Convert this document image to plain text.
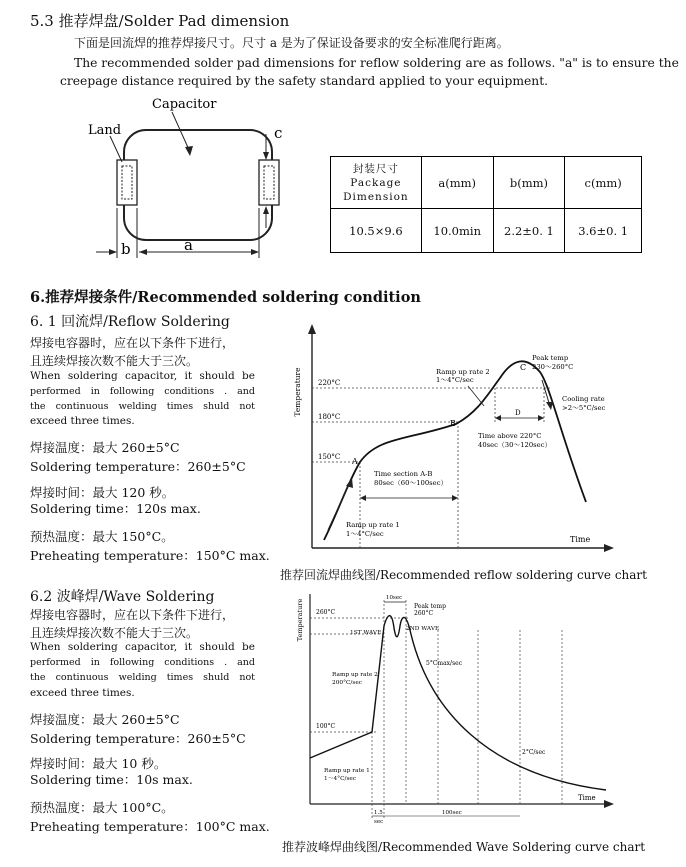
5.3 推荐焊盘/Solder Pad dimension
下面是回流焊的推荐焊接尺寸。尺寸 a 是为了保证设备要求的安全标准爬行距离。
The recommended solder pad dimensions for reflow soldering are as follows. "a" is to ensure the
creepage distance required by the safety standard applied to your equipment.
Capacitor
Land	c
b	a
封装尺寸
Package
Dimension	a(mm)	b(mm)	c(mm)
10.5×9.6	10.0min	2.2±0. 1	3.6±0. 1
6.推荐焊接条件/Recommended soldering condition
6. 1 回流焊/Reflow Soldering
焊接电容器时，应在以下条件下进行，
且连续焊接次数不能大于三次。
When soldering capacitor, it should be
performed in following conditions . and
the continuous welding times shuld not
exceed three times.
焊接温度：最大 260±5°C
Soldering temperature：260±5°C
焊接时间：最大 120 秒。
Soldering time：120s max.
预热温度：最大 150°C。
Preheating temperature：150°C max.
Temperature
Time
220°C
180°C
150°C A
B
C
D
Ramp up rate 2
1～4°C/sec
Peak temp
230～260°C
Cooling rate
>2～5°C/sec
Time above 220°C
40sec（30～120sec）
Time section A-B
80sec（60～100sec）
Ramp up rate 1
1～4°C/sec
推荐回流焊曲线图/Recommended reflow soldering curve chart
6.2 波峰焊/Wave Soldering
焊接电容器时，应在以下条件下进行，
且连续焊接次数不能大于三次。
When soldering capacitor, it should be
performed in following conditions . and
the continuous welding times shuld not
exceed three times.
焊接温度：最大 260±5°C
Soldering temperature：260±5°C
焊接时间：最大 10 秒。
Soldering time：10s max.
预热温度：最大 100°C。
Preheating temperature：100°C max.
Temperature
Time
260°C
100°C
10sec
Peak temp
260°C
1ST WAVE
2ND WAVE
5°Cmax/sec
Ramp up rate 2
200°C/sec
2°C/sec
Ramp up rate 1
1～4°C/sec
1.5
sec
100sec
推荐波峰焊曲线图/Recommended Wave Soldering curve chart
